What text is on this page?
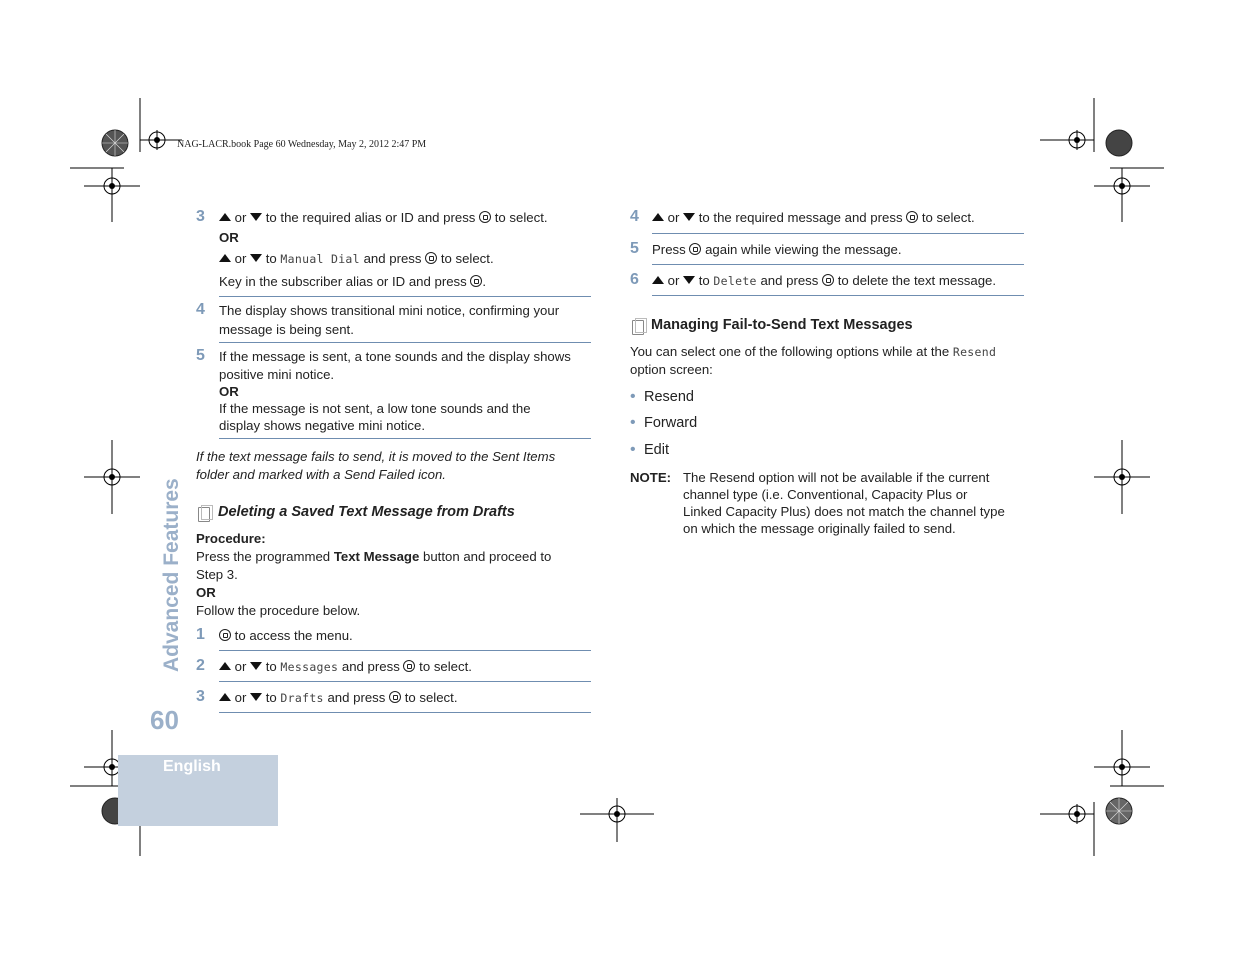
NAG-LACR.book Page 60 Wednesday, May 2, 2012 2:47 PM
Advanced Features
60
English
3	or to the required alias or ID and press to select.
OR
or to Manual Dial and press to select.
Key in the subscriber alias or ID and press .
4 The display shows transitional mini notice, confirming your
message is being sent.
5 If the message is sent, a tone sounds and the display shows
positive mini notice.
OR
If the message is not sent, a low tone sounds and the
display shows negative mini notice.
If the text message fails to send, it is moved to the Sent Items
folder and marked with a Send Failed icon.
Deleting a Saved Text Message from Drafts
Procedure:
Press the programmed Text Message button and proceed to
Step 3.
OR
Follow the procedure below.
1	to access the menu.
2	or to Messages and press to select.
3	or to Drafts and press to select.
4	or to the required message and press to select.
5 Press again while viewing the message.
6	or to Delete and press to delete the text message.
Managing Fail-to-Send Text Messages
You can select one of the following options while at the Resend
option screen:
• Resend
• Forward
• Edit
NOTE: The Resend option will not be available if the current
channel type (i.e. Conventional, Capacity Plus or
Linked Capacity Plus) does not match the channel type
on which the message originally failed to send.
